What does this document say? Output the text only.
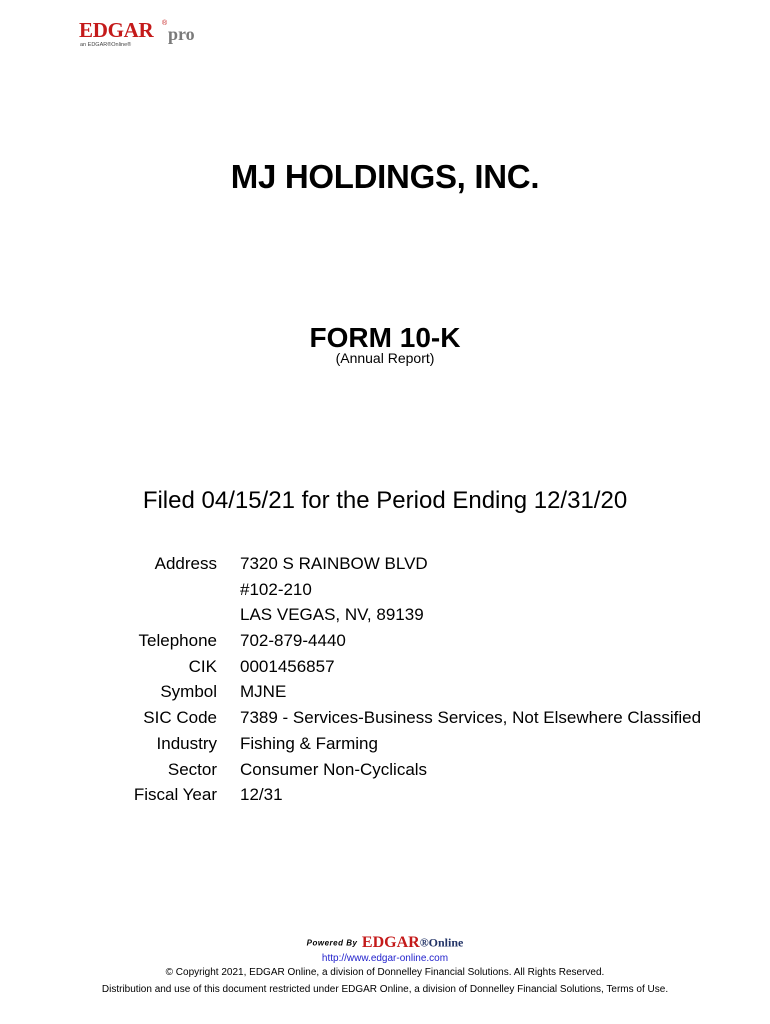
EDGAR ®
pro
an EDGAR®Online®
MJ HOLDINGS, INC.
FORM 10-K
(Annual Report)
Filed 04/15/21 for the Period Ending 12/31/20
Address 7320 S RAINBOW BLVD
#102-210
LAS VEGAS, NV, 89139
Telephone 702-879-4440
CIK 0001456857
Symbol MJNE
SIC Code 7389 - Services-Business Services, Not Elsewhere Classified
Industry Fishing & Farming
Sector Consumer Non-Cyclicals
Fiscal Year 12/31
Powered By EDGAR®Online
http://www.edgar-online.com
© Copyright 2021, EDGAR Online, a division of Donnelley Financial Solutions. All Rights Reserved.
Distribution and use of this document restricted under EDGAR Online, a division of Donnelley Financial Solutions, Terms of Use.
